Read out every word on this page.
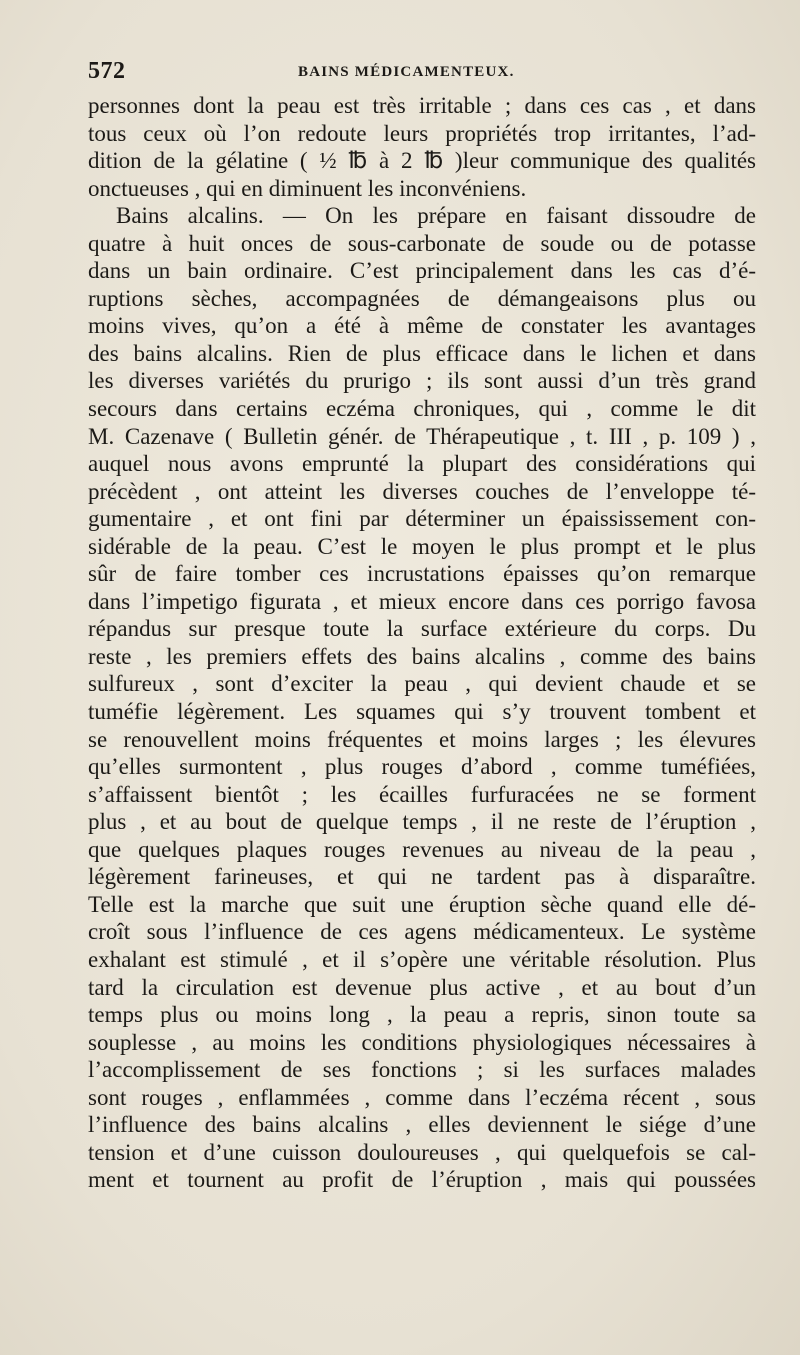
572	BAINS MÉDICAMENTEUX.
personnes dont la peau est très irritable ; dans ces cas , et dans
tous ceux où l’on redoute leurs propriétés trop irritantes, l’ad-
dition de la gélatine ( ½ ℔ à 2 ℔ )leur communique des qualités
onctueuses , qui en diminuent les inconvéniens.
Bains alcalins. — On les prépare en faisant dissoudre de
quatre à huit onces de sous-carbonate de soude ou de potasse
dans un bain ordinaire. C’est principalement dans les cas d’é-
ruptions sèches, accompagnées de démangeaisons plus ou
moins vives, qu’on a été à même de constater les avantages
des bains alcalins. Rien de plus efficace dans le lichen et dans
les diverses variétés du prurigo ; ils sont aussi d’un très grand
secours dans certains eczéma chroniques, qui , comme le dit
M. Cazenave ( Bulletin génér. de Thérapeutique , t. III , p. 109 ) ,
auquel nous avons emprunté la plupart des considérations qui
précèdent , ont atteint les diverses couches de l’enveloppe té-
gumentaire , et ont fini par déterminer un épaississement con-
sidérable de la peau. C’est le moyen le plus prompt et le plus
sûr de faire tomber ces incrustations épaisses qu’on remarque
dans l’impetigo figurata , et mieux encore dans ces porrigo favosa
répandus sur presque toute la surface extérieure du corps. Du
reste , les premiers effets des bains alcalins , comme des bains
sulfureux , sont d’exciter la peau , qui devient chaude et se
tuméfie légèrement. Les squames qui s’y trouvent tombent et
se renouvellent moins fréquentes et moins larges ; les élevures
qu’elles surmontent , plus rouges d’abord , comme tuméfiées,
s’affaissent bientôt ; les écailles furfuracées ne se forment
plus , et au bout de quelque temps , il ne reste de l’éruption ,
que quelques plaques rouges revenues au niveau de la peau ,
légèrement farineuses, et qui ne tardent pas à disparaître.
Telle est la marche que suit une éruption sèche quand elle dé-
croît sous l’influence de ces agens médicamenteux. Le système
exhalant est stimulé , et il s’opère une véritable résolution. Plus
tard la circulation est devenue plus active , et au bout d’un
temps plus ou moins long , la peau a repris, sinon toute sa
souplesse , au moins les conditions physiologiques nécessaires à
l’accomplissement de ses fonctions ; si les surfaces malades
sont rouges , enflammées , comme dans l’eczéma récent , sous
l’influence des bains alcalins , elles deviennent le siége d’une
tension et d’une cuisson douloureuses , qui quelquefois se cal-
ment et tournent au profit de l’éruption , mais qui poussées
